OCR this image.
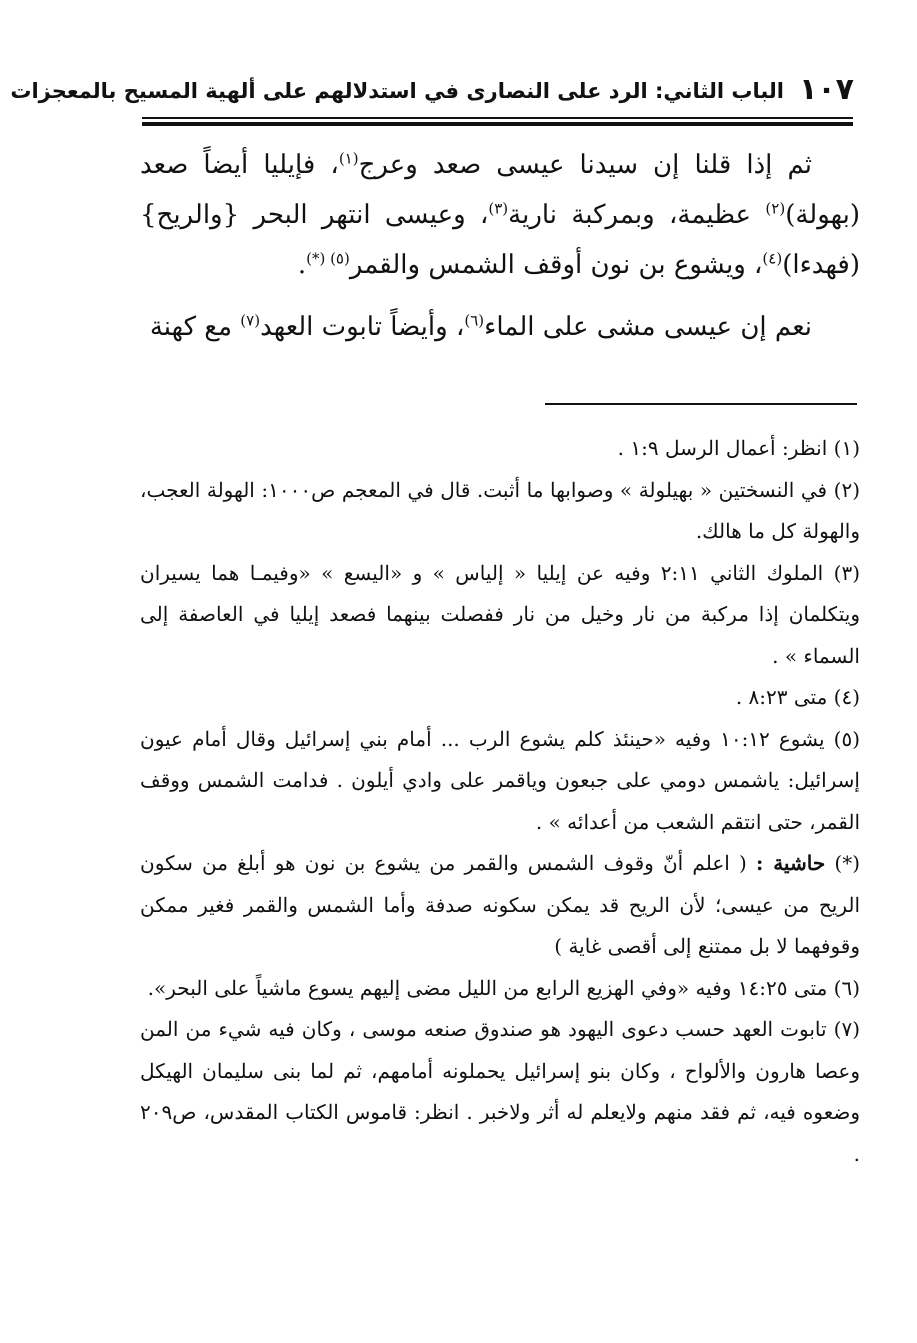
١٠٧
الباب الثاني: الرد على النصارى في استدلالهم على ألهية المسيح بالمعجزات

ثم إذا قلنا إن سيدنا عيسى صعد وعرج$^{(١)}$، فإيليا أيضاً صعد (بهولة)$^{(٢)}$ عظيمة، وبمركبة نارية$^{(٣)}$، وعيسى انتهر البحر {والريح} (فهدءا)$^{(٤)}$، ويشوع بن نون أوقف الشمس والقمر$^{(٥) (*)}$.

نعم إن عيسى مشى على الماء$^{(٦)}$، وأيضاً تابوت العهد$^{(٧)}$ مع كهنة

(١) انظر: أعمال الرسل ١:٩ .

(٢) في النسختين « بهيلولة » وصوابها ما أثبت. قال في المعجم ص١٠٠٠: الهولة العجب، والهولة كل ما هالك.

(٣) الملوك الثاني ٢:١١ وفيه عن إيليا « إلياس » و «اليسع » «وفيمـا هما يسيران ويتكلمان إذا مركبة من نار وخيل من نار ففصلت بينهما فصعد إيليا في العاصفة إلى السماء » .

(٤) متى ٨:٢٣ .

(٥) يشوع ١٠:١٢ وفيه «حينئذ كلم يشوع الرب ... أمام بني إسرائيل وقال أمام عيون إسرائيل: ياشمس دومي على جبعون وياقمر على وادي أيلون . فدامت الشمس ووقف القمر، حتى انتقم الشعب من أعدائه » .

(*) حاشية : ( اعلم أنّ وقوف الشمس والقمر من يشوع بن نون هو أبلغ من سكون الريح من عيسى؛ لأن الريح قد يمكن سكونه صدفة وأما الشمس والقمر فغير ممكن وقوفهما لا بل ممتنع إلى أقصى غاية )

(٦) متى ١٤:٢٥ وفيه «وفي الهزيع الرابع من الليل مضى إليهم يسوع ماشياً على البحر».

(٧) تابوت العهد حسب دعوى اليهود هو صندوق صنعه موسى ، وكان فيه شيء من المن وعصا هارون والألواح ، وكان بنو إسرائيل يحملونه أمامهم، ثم لما بنى سليمان الهيكل وضعوه فيه، ثم فقد منهم ولايعلم له أثر ولاخبر . انظر: قاموس الكتاب المقدس، ص٢٠٩ .
